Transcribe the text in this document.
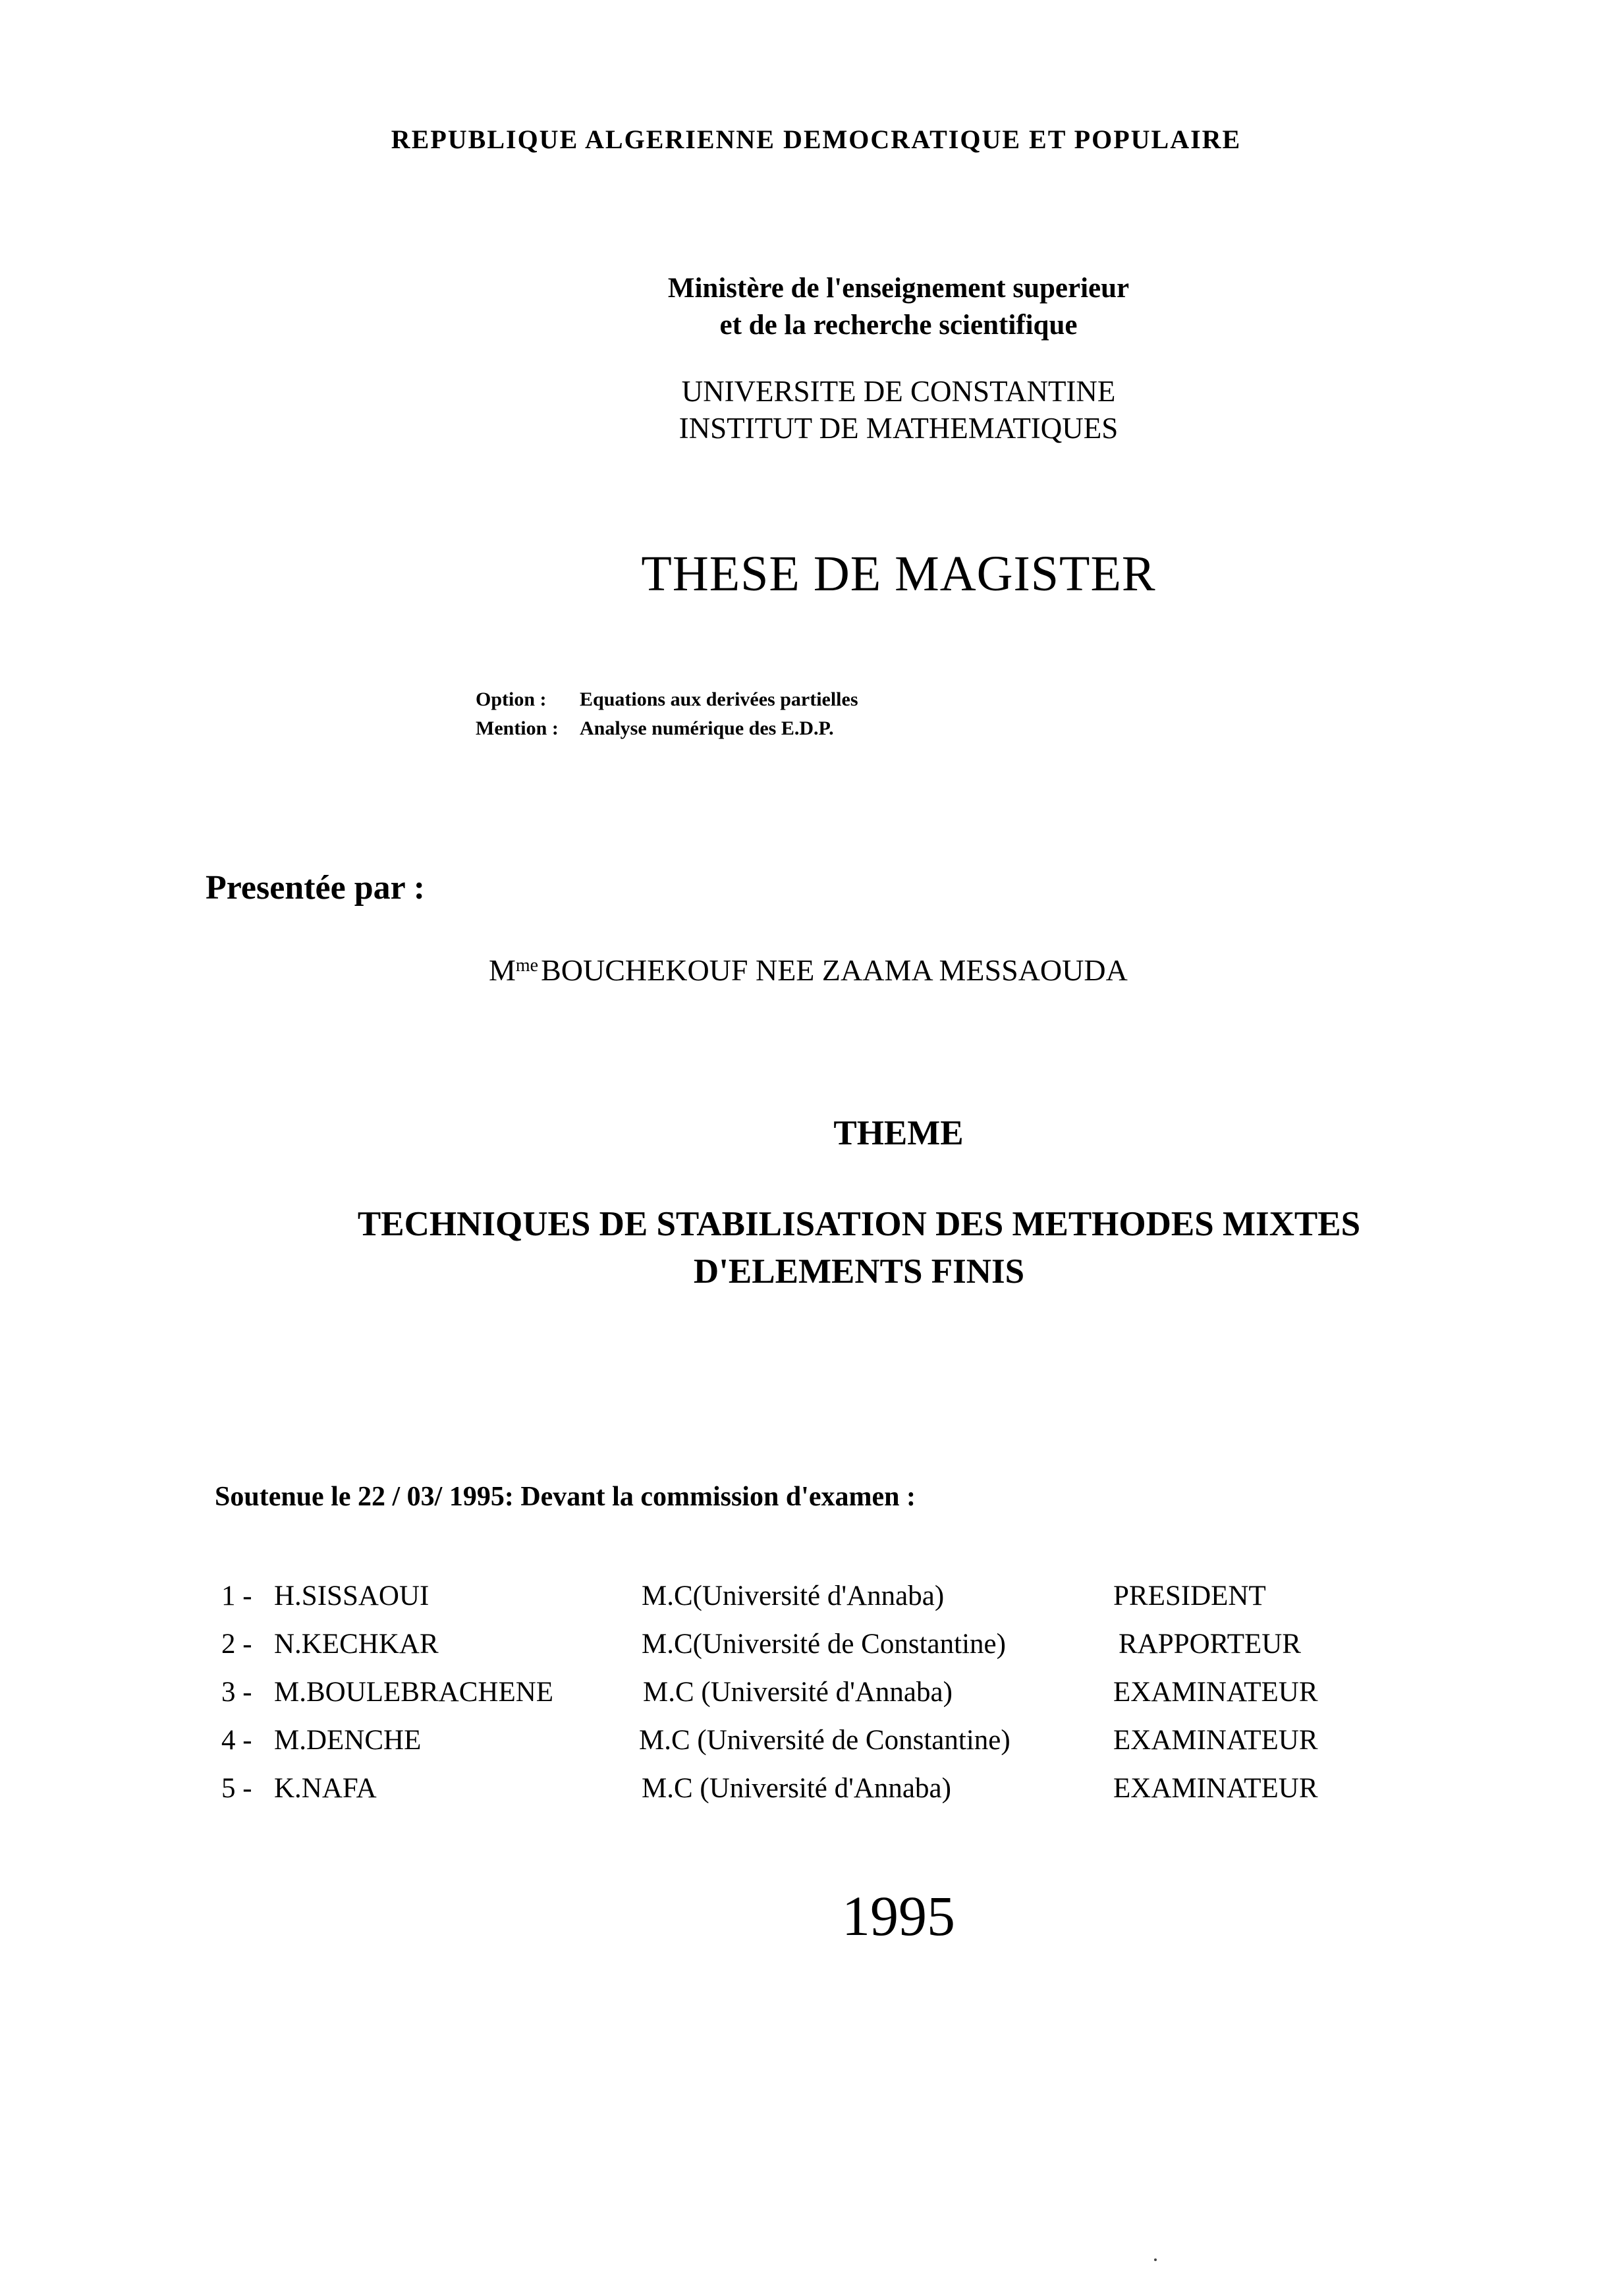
REPUBLIQUE ALGERIENNE DEMOCRATIQUE ET POPULAIRE
Ministère de l'enseignement superieur
et de la recherche scientifique
UNIVERSITE DE CONSTANTINE
INSTITUT DE MATHEMATIQUES
THESE DE MAGISTER
Option : Equations aux derivées partielles
Mention : Analyse numérique des E.D.P.
Presentée par :
$M^{me}BOUCHEKOUF$ NEE ZAAMA MESSAOUDA
THEME
TECHNIQUES DE STABILISATION DES METHODES MIXTES
D'ELEMENTS FINIS
Soutenue le 22 / 03/ 1995: Devant la commission d'examen :
1 - H.SISSAOUI	M.C(Université d'Annaba)	PRESIDENT
2 - N.KECHKAR	M.C(Université de Constantine)	RAPPORTEUR
3 - M.BOULEBRACHENE	M.C (Université d'Annaba)	EXAMINATEUR
4 - M.DENCHE	M.C (Université de Constantine)	EXAMINATEUR
5 - K.NAFA	M.C (Université d'Annaba)	EXAMINATEUR
1995
